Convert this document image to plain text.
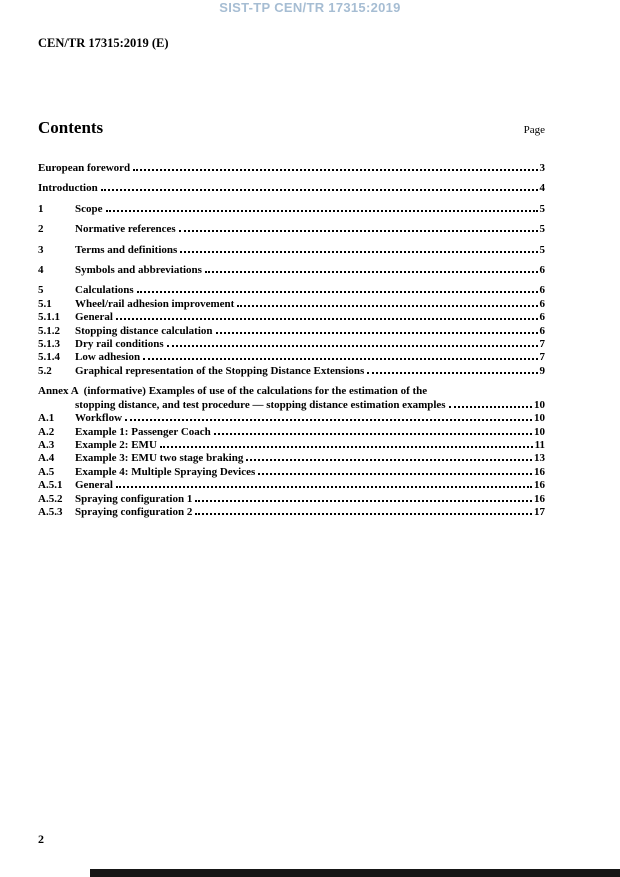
SIST-TP CEN/TR 17315:2019
CEN/TR 17315:2019 (E)
Contents	Page
European foreword	3
Introduction	4
1	Scope	5
2	Normative references	5
3	Terms and definitions	5
4	Symbols and abbreviations	6
5	Calculations	6
5.1	Wheel/rail adhesion improvement	6
5.1.1	General	6
5.1.2	Stopping distance calculation	6
5.1.3	Dry rail conditions	7
5.1.4	Low adhesion	7
5.2	Graphical representation of the Stopping Distance Extensions	9
Annex A (informative) Examples of use of the calculations for the estimation of the
stopping distance, and test procedure — stopping distance estimation examples	10
A.1	Workflow	10
A.2	Example 1: Passenger Coach	10
A.3	Example 2: EMU	11
A.4	Example 3: EMU two stage braking	13
A.5	Example 4: Multiple Spraying Devices	16
A.5.1	General	16
A.5.2	Spraying configuration 1	16
A.5.3	Spraying configuration 2	17
2
